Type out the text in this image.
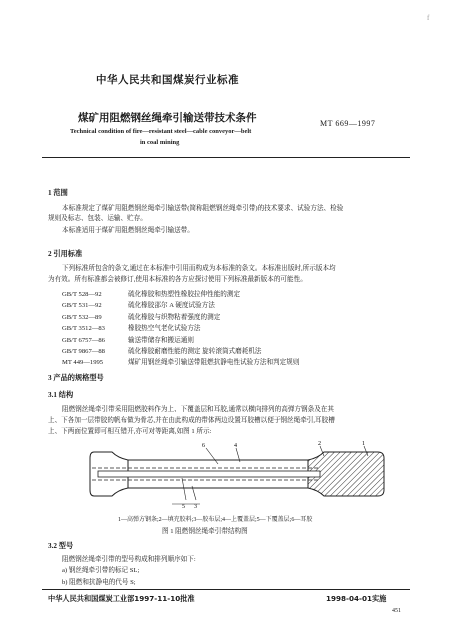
f
中华人民共和国煤炭行业标准
MT 669—1997
煤矿用阻燃钢丝绳牵引输送带技术条件
Technical condition of fire—resistant steel—cable conveyor—belt
in coal mining
1 范围
本标准规定了煤矿用阻燃钢丝绳牵引输送带(简称阻燃钢丝绳牵引带)的技术要求、试验方法、检验
规则及标志、包装、运输、贮存。
本标准适用于煤矿用阻燃钢丝绳牵引输送带。
2 引用标准
下列标准所包含的条文,通过在本标准中引用而构成为本标准的条文。本标准出版时,所示版本均
为有效。所有标准都会被修订,使用本标准的各方应探讨使用下列标准最新版本的可能性。
GB/T 528—92	硫化橡胶和热塑性橡胶拉伸性能的测定
GB/T 531—92	硫化橡胶邵尔 A 硬度试验方法
GB/T 532—89	硫化橡胶与织物粘着强度的测定
GB/T 3512—83	橡胶热空气老化试验方法
GB/T 6757—86	输送带储存和搬运通则
GB/T 9867—88	硫化橡胶耐磨性能的测定 旋转滚筒式磨耗机法
MT 449—1995	煤矿用钢丝绳牵引输送带阻燃抗静电性试验方法和判定规则
3 产品的规格型号
3.1 结构
阻燃钢丝绳牵引带采用阻燃胶料作为上、下覆盖层和耳胶,通常以横向排列的高弹方钢条及在其
上、下各加一层带胶的帆布做为骨芯,并在由此构成的带体两边设置耳胶槽以便于钢丝绳牵引,耳胶槽
上、下两面位置即可相互错开,亦可对等距离,如图 1 所示:
6	4	2	1
5 3
1—高弹方钢条;2—填充胶料;3—胶布层;4—上覆盖层;5—下覆盖层;6—耳胶
图 1 阻燃钢丝绳牵引带结构图
3.2 型号
阻燃钢丝绳牵引带的型号构成和排列顺序如下:
a) 钢丝绳牵引带的标记 SL;
b) 阻燃和抗静电的代号 S;
中华人民共和国煤炭工业部1997-11-10批准	1998-04-01实施
451
